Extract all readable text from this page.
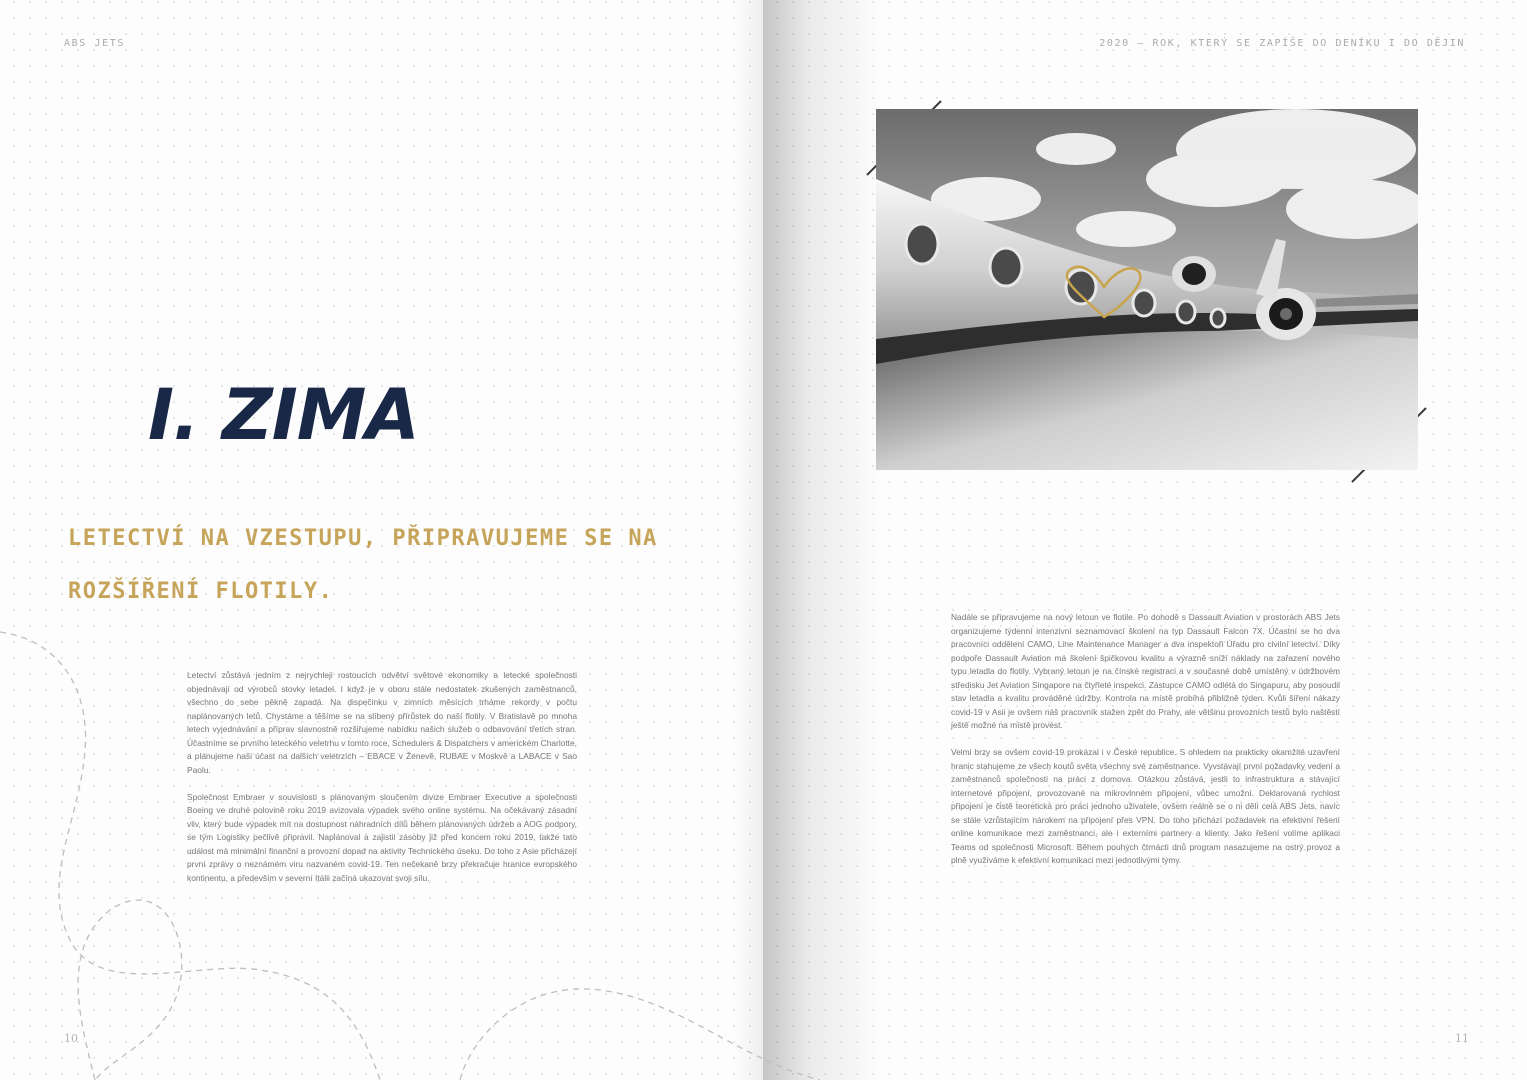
ABS JETS
I. ZIMA
LETECTVÍ NA VZESTUPU, PŘIPRAVUJEME SE NA ROZŠÍŘENÍ FLOTILY.

Letectví zůstává jedním z nejrychleji rostoucích odvětví světové ekonomiky a letecké společnosti objednávají od výrobců stovky letadel. I když je v oboru stále nedostatek zkušených zaměstnanců, všechno do sebe pěkně zapadá. Na dispečinku v zimních měsících trháme rekordy v počtu naplánovaných letů. Chystáme a těšíme se na slíbený přírůstek do naší flotily. V Bratislavě po mnoha letech vyjednávání a příprav slavnostně rozšiřujeme nabídku našich služeb o odbavování třetích stran. Účastníme se prvního leteckého veletrhu v tomto roce, Schedulers & Dispatchers v americkém Charlotte, a plánujeme naši účast na dalších veletrzích – EBACE v Ženevě, RUBAE v Moskvě a LABACE v Sao Paolu.

Společnost Embraer v souvislosti s plánovaným sloučením divize Embraer Executive a společnosti Boeing ve druhé polovině roku 2019 avizovala výpadek svého online systému. Na očekávaný zásadní vliv, který bude výpadek mít na dostupnost náhradních dílů během plánovaných údržeb a AOG podpory, se tým Logistiky pečlivě připravil. Naplánoval a zajistil zásoby již před koncem roku 2019, takže tato událost má minimální finanční a provozní dopad na aktivity Technického úseku. Do toho z Asie přicházejí první zprávy o neznámém viru nazvaném covid-19. Ten nečekaně brzy překračuje hranice evropského kontinentu, a především v severní Itálii začíná ukazovat svoji sílu.

10
2020 – ROK, KTERÝ SE ZAPÍŠE DO DENÍKU I DO DĚJIN

Nadále se připravujeme na nový letoun ve flotile. Po dohodě s Dassault Aviation v prostorách ABS Jets organizujeme týdenní intenzivní seznamovací školení na typ Dassault Falcon 7X. Účastní se ho dva pracovníci oddělení CAMO, Line Maintenance Manager a dva inspektoři Úřadu pro civilní letectví. Díky podpoře Dassault Aviation má školení špičkovou kvalitu a výrazně sníží náklady na zařazení nového typu letadla do flotily. Vybraný letoun je na čínské registraci a v současné době umístěný v údržbovém středisku Jet Aviation Singapore na čtyřleté inspekci. Zástupce CAMO odlétá do Singapuru, aby posoudil stav letadla a kvalitu prováděné údržby. Kontrola na místě probíhá přibližně týden. Kvůli šíření nákazy covid-19 v Asii je ovšem náš pracovník stažen zpět do Prahy, ale většinu provozních testů bylo naštěstí ještě možné na místě provést.

Velmi brzy se ovšem covid-19 prokázal i v České republice. S ohledem na prakticky okamžité uzavření hranic stahujeme ze všech koutů světa všechny své zaměstnance. Vyvstávají první požadavky vedení a zaměstnanců společnosti na práci z domova. Otázkou zůstává, jestli to infrastruktura a stávající internetové připojení, provozované na mikrovlnném připojení, vůbec umožní. Deklarovaná rychlost připojení je čistě teoretická pro práci jednoho uživatele, ovšem reálně se o ni dělí celá ABS Jets, navíc se stále vzrůstajícím nárokem na připojení přes VPN. Do toho přichází požadavek na efektivní řešení online komunikace mezi zaměstnanci, ale i externími partnery a klienty. Jako řešení volíme aplikaci Teams od společnosti Microsoft. Během pouhých čtrnácti dnů program nasazujeme na ostrý provoz a plně využíváme k efektivní komunikaci mezi jednotlivými týmy.

11
